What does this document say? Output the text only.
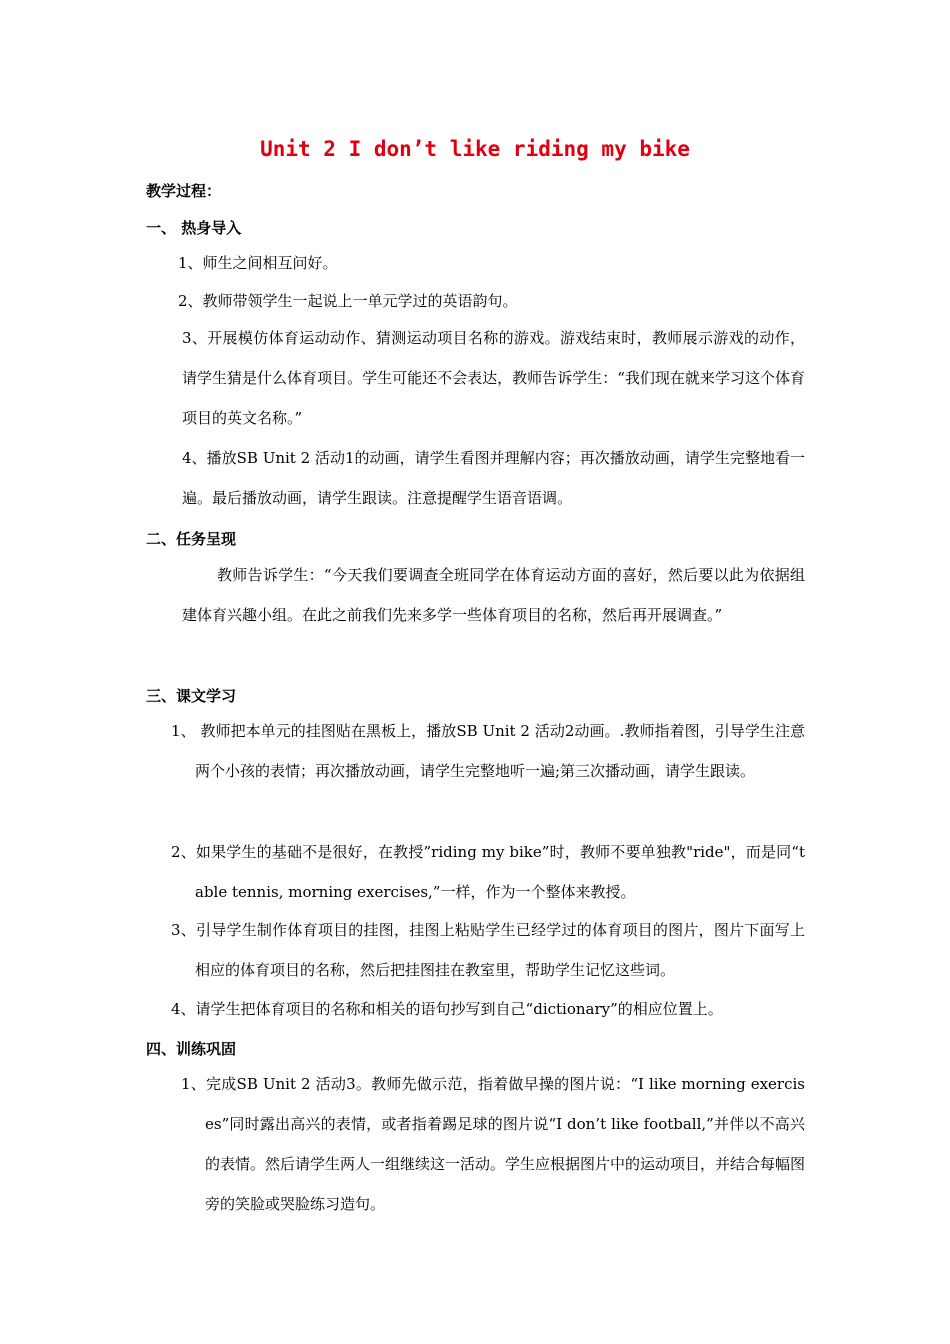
Unit 2 I don’t like riding my bike
教学过程：
一、 热身导入
1、师生之间相互问好。
2、教师带领学生一起说上一单元学过的英语韵句。
3、开展模仿体育运动动作、猜测运动项目名称的游戏。游戏结束时，教师展示游戏的动作，请学生猜是什么体育项目。学生可能还不会表达，教师告诉学生：“我们现在就来学习这个体育项目的英文名称。”
4、播放SB Unit 2 活动1的动画，请学生看图并理解内容；再次播放动画，请学生完整地看一遍。最后播放动画，请学生跟读。注意提醒学生语音语调。
二、任务呈现
教师告诉学生：“今天我们要调查全班同学在体育运动方面的喜好，然后要以此为依据组建体育兴趣小组。在此之前我们先来多学一些体育项目的名称，然后再开展调查。”
三、课文学习
1、 教师把本单元的挂图贴在黑板上，播放SB Unit 2 活动2动画。.教师指着图，引导学生注意两个小孩的表情；再次播放动画，请学生完整地听一遍;第三次播动画，请学生跟读。
2、如果学生的基础不是很好，在教授”riding my bike”时，教师不要单独教"ride"，而是同“table tennis, morning exercises,”一样，作为一个整体来教授。
3、引导学生制作体育项目的挂图，挂图上粘贴学生已经学过的体育项目的图片，图片下面写上相应的体育项目的名称，然后把挂图挂在教室里，帮助学生记忆这些词。
4、请学生把体育项目的名称和相关的语句抄写到自己“dictionary”的相应位置上。
四、训练巩固
1、完成SB Unit 2 活动3。教师先做示范，指着做早操的图片说：“I like morning exercises”同时露出高兴的表情，或者指着踢足球的图片说“I don’t like football,”并伴以不高兴的表情。然后请学生两人一组继续这一活动。学生应根据图片中的运动项目，并结合每幅图旁的笑脸或哭脸练习造句。
